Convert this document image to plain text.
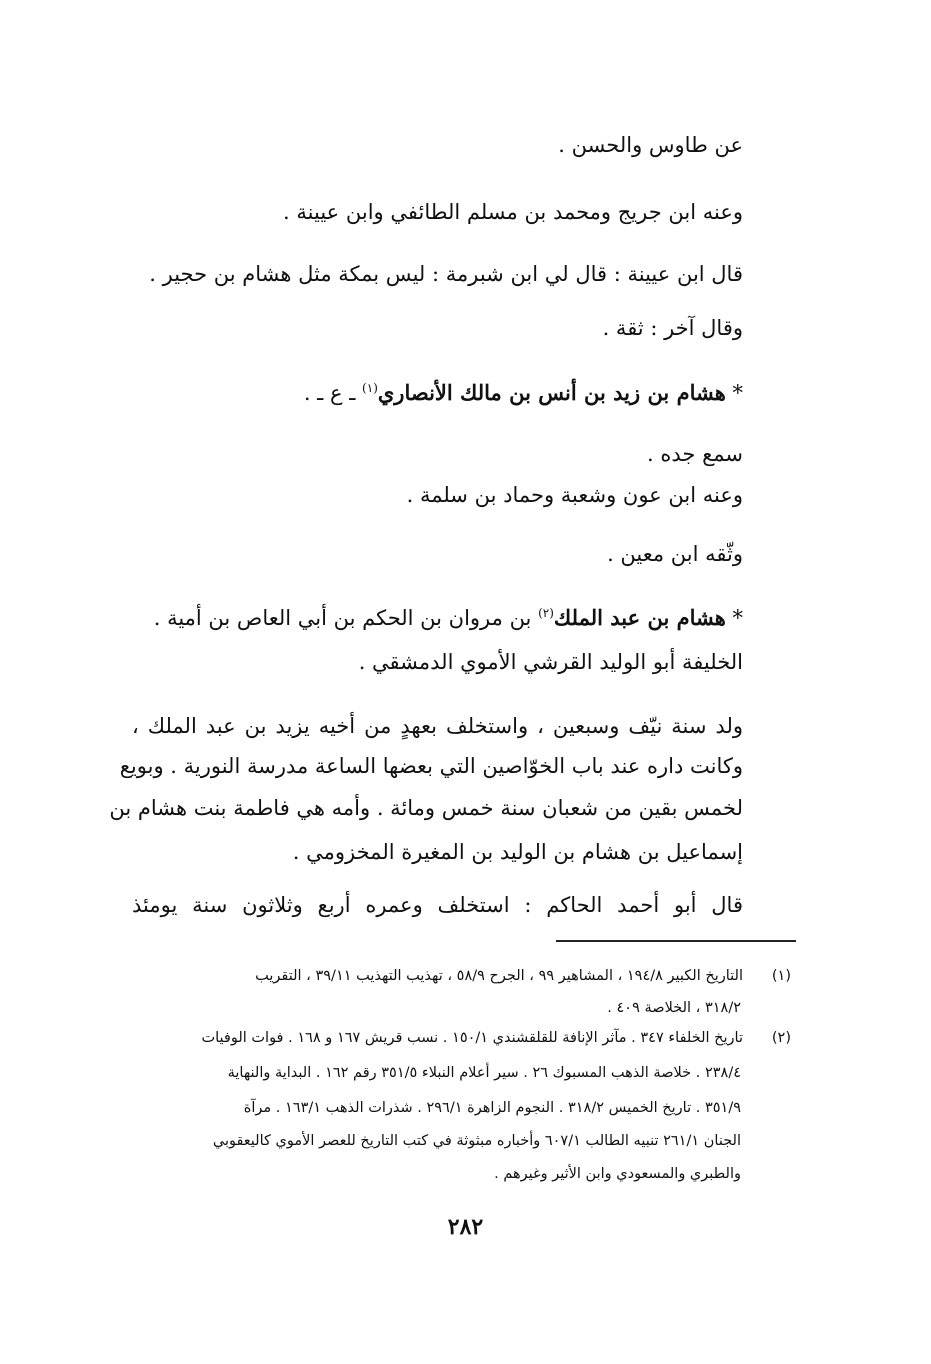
عن طاوس والحسن .
وعنه ابن جريج ومحمد بن مسلم الطائفي وابن عيينة .
قال ابن عيينة : قال لي ابن شبرمة : ليس بمكة مثل هشام بن حجير .
وقال آخر : ثقة .
* هشام بن زيد بن أنس بن مالك الأنصاري$^{(١)}$ ـ ع ـ .
سمع جده .
وعنه ابن عون وشعبة وحماد بن سلمة .
وثّقه ابن معين .
* هشام بن عبد الملك$^{(٢)}$ بن مروان بن الحكم بن أبي العاص بن أمية .
الخليفة أبو الوليد القرشي الأموي الدمشقي .
ولد سنة نيّف وسبعين ، واستخلف بعهدٍ من أخيه يزيد بن عبد الملك ،
وكانت داره عند باب الخوّاصين التي بعضها الساعة مدرسة النورية . وبويع
لخمس بقين من شعبان سنة خمس ومائة . وأمه هي فاطمة بنت هشام بن
إسماعيل بن هشام بن الوليد بن المغيرة المخزومي .
قال أبو أحمد الحاكم : استخلف وعمره أربع وثلاثون سنة يومئذ
(١)
التاريخ الكبير ١٩٤/٨ ، المشاهير ٩٩ ، الجرح ٥٨/٩ ، تهذيب التهذيب ٣٩/١١ ، التقريب
٣١٨/٢ ، الخلاصة ٤٠٩ .
(٢)
تاريخ الخلفاء ٣٤٧ . مآثر الإنافة للقلقشندي ١٥٠/١ . نسب قريش ١٦٧ و ١٦٨ . فوات الوفيات
٢٣٨/٤ . خلاصة الذهب المسبوك ٢٦ . سير أعلام النبلاء ٣٥١/٥ رقم ١٦٢ . البداية والنهاية
٣٥١/٩ . تاريخ الخميس ٣١٨/٢ . النجوم الزاهرة ٢٩٦/١ . شذرات الذهب ١٦٣/١ . مرآة
الجنان ٢٦١/١ تنبيه الطالب ٦٠٧/١ وأخباره مبثوثة في كتب التاريخ للعصر الأموي كاليعقوبي
والطبري والمسعودي وابن الأثير وغيرهم .
٢٨٢
